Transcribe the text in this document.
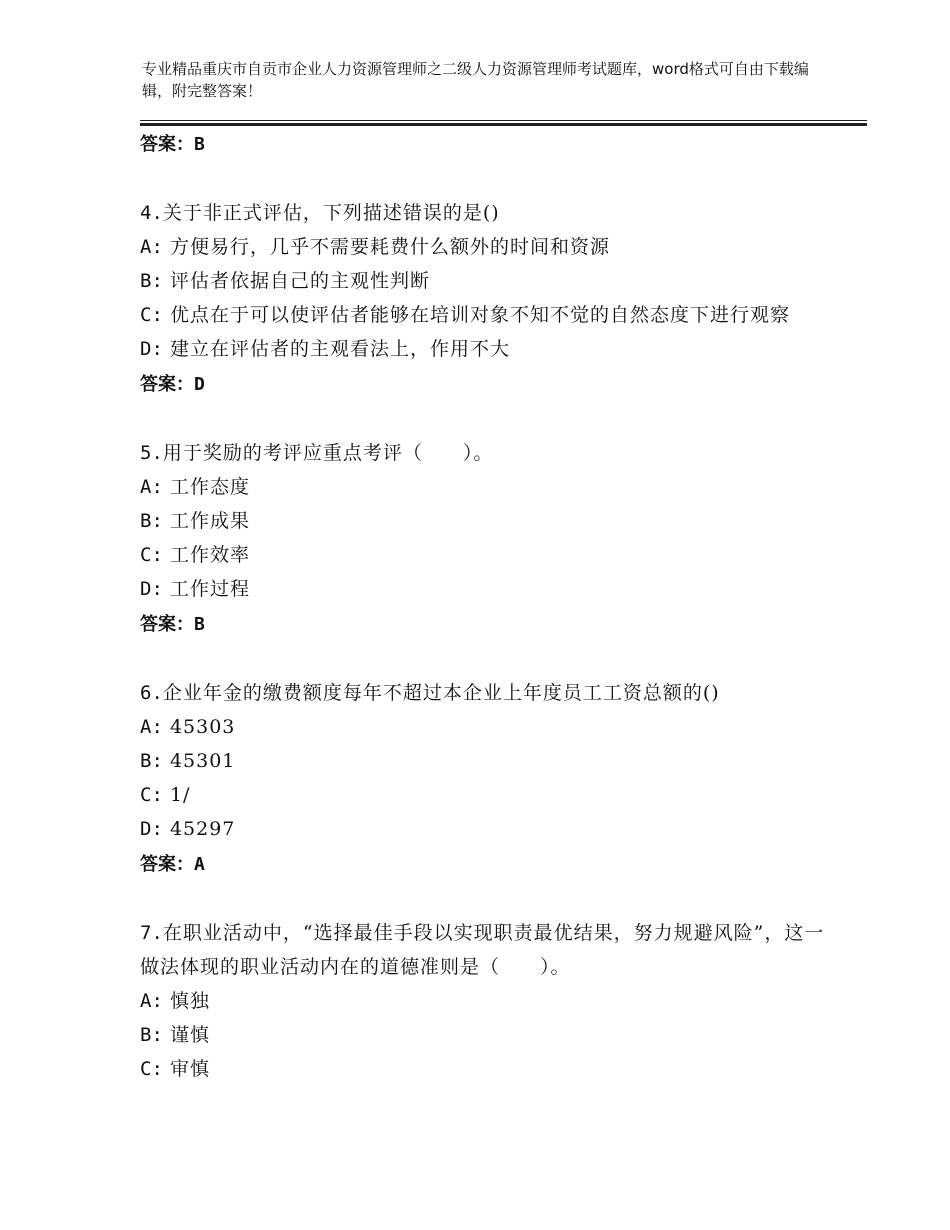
专业精品重庆市自贡市企业人力资源管理师之二级人力资源管理师考试题库，word格式可自由下载编辑，附完整答案！
答案：B
4.关于非正式评估，下列描述错误的是()
A: 方便易行，几乎不需要耗费什么额外的时间和资源
B: 评估者依据自己的主观性判断
C: 优点在于可以使评估者能够在培训对象不知不觉的自然态度下进行观察
D: 建立在评估者的主观看法上，作用不大
答案：D
5.用于奖励的考评应重点考评（　　）。
A: 工作态度
B: 工作成果
C: 工作效率
D: 工作过程
答案：B
6.企业年金的缴费额度每年不超过本企业上年度员工工资总额的()
A: 45303
B: 45301
C: 1/
D: 45297
答案：A
7.在职业活动中，“选择最佳手段以实现职责最优结果，努力规避风险”，这一做法体现的职业活动内在的道德准则是（　　）。
A: 慎独
B: 谨慎
C: 审慎
